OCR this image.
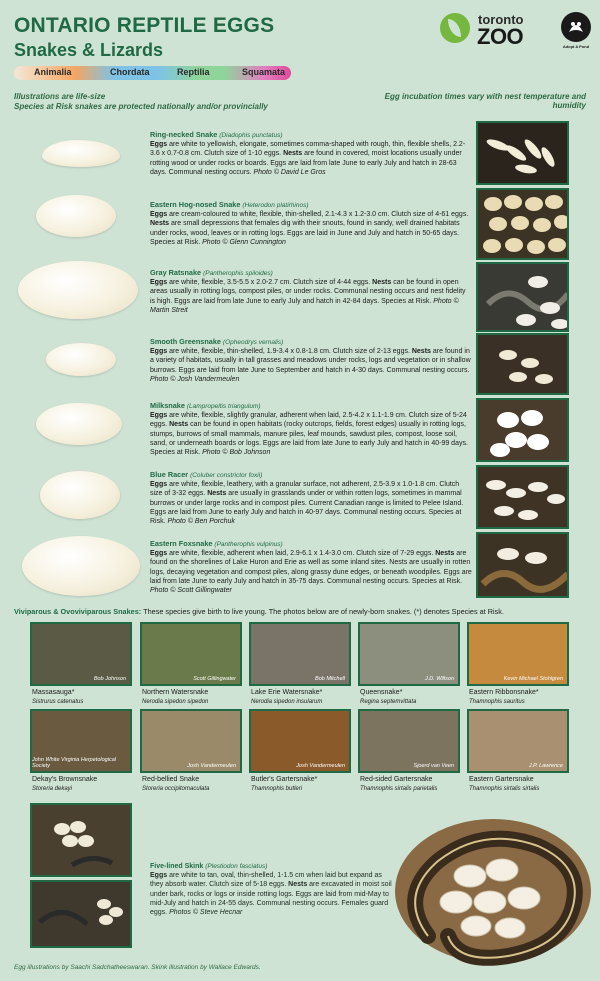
ONTARIO REPTILE EGGS
Snakes & Lizards
Animalia	Chordata	Reptilia	Squamata
Illustrations are life-size
Species at Risk snakes are protected nationally and/or provincially
Egg incubation times vary with nest temperature and humidity
toronto
ZOO	Adopt A Pond
Ring-necked Snake (Diadophis punctatus)
Eggs are white to yellowish, elongate, sometimes comma-shaped with rough, thin, flexible shells, 2.2-3.6 x 0.7-0.8 cm. Clutch size of 1-10 eggs. Nests are found in covered, moist locations usually under rotting wood or under rocks or boards. Eggs are laid from late June to early July and hatch in 28-63 days. Communal nesting occurs. Photo © David Le Gros
Eastern Hog-nosed Snake (Heterodon platirhinos)
Eggs are cream-coloured to white, flexible, thin-shelled, 2.1-4.3 x 1.2-3.0 cm. Clutch size of 4-61 eggs. Nests are small depressions that females dig with their snouts, found in sandy, well drained habitats under rocks, wood, leaves or in rotting logs. Eggs are laid in June and July and hatch in 50-65 days. Species at Risk. Photo © Glenn Cunnington
Gray Ratsnake (Pantherophis spiloides)
Eggs are white, flexible, 3.5-5.5 x 2.0-2.7 cm. Clutch size of 4-44 eggs. Nests can be found in open areas usually in rotting logs, compost piles, or under rocks. Communal nesting occurs and nest fidelity is high. Eggs are laid from late June to early July and hatch in 42-84 days. Species at Risk. Photo © Martin Streit
Smooth Greensnake (Opheodrys vernalis)
Eggs are white, flexible, thin-shelled, 1.9-3.4 x 0.8-1.8 cm. Clutch size of 2-13 eggs. Nests are found in a variety of habitats, usually in tall grasses and meadows under rocks, logs and vegetation or in shallow burrows. Eggs are laid from late June to September and hatch in 4-30 days. Communal nesting occurs. Photo © Josh Vandermeulen
Milksnake (Lampropeltis triangulum)
Eggs are white, flexible, slightly granular, adherent when laid, 2.5-4.2 x 1.1-1.9 cm. Clutch size of 5-24 eggs. Nests can be found in open habitats (rocky outcrops, fields, forest edges) usually in rotting logs, stumps, burrows of small mammals, manure piles, leaf mounds, sawdust piles, compost, loose soil, sand, or underneath boards or logs. Eggs are laid from late June to early July and hatch in 40-99 days. Species at Risk. Photo © Bob Johnson
Blue Racer (Coluber constrictor foxii)
Eggs are white, flexible, leathery, with a granular surface, not adherent, 2.5-3.9 x 1.0-1.8 cm. Clutch size of 3-32 eggs. Nests are usually in grasslands under or within rotten logs, sometimes in mammal burrows or under large rocks and in compost piles. Current Canadian range is limited to Pelee Island. Eggs are laid from June to early July and hatch in 40-97 days. Communal nesting occurs. Species at Risk. Photo © Ben Porchuk
Eastern Foxsnake (Pantherophis vulpinus)
Eggs are white, flexible, adherent when laid, 2.9-6.1 x 1.4-3.0 cm. Clutch size of 7-29 eggs. Nests are found on the shorelines of Lake Huron and Erie as well as some inland sites. Nests are usually in rotten logs, decaying vegetation and compost piles, along grassy dune edges, or beneath woodpiles. Eggs are laid from late June to early July and hatch in 35-75 days. Communal nesting occurs. Species at Risk. Photo © Scott Gillingwater
Viviparous & Ovoviviparous Snakes: These species give birth to live young. The photos below are of newly-born snakes. (*) denotes Species at Risk.
Bob Johnson	Scott Gillingwater	Bob Mitchell	J.D. Willson	Kevin Michael Stohlgren
Massasauga*
Sistrurus catenatus
Northern Watersnake
Nerodia sipedon sipedon
Lake Erie Watersnake*
Nerodia sipedon insularum
Queensnake*
Regina septemvittata
Eastern Ribbonsnake*
Thamnophis sauritus
John White Virginia Herpetological Society	Josh Vandermeulen	Josh Vandermeulen	Sjoerd van Veen	J.P. Lawrence
Dekay's Brownsnake
Storeria dekayi
Red-bellied Snake
Storeria occipitomaculata
Butler's Gartersnake*
Thamnophis butleri
Red-sided Gartersnake
Thamnophis sirtalis parietalis
Eastern Gartersnake
Thamnophis sirtalis sirtalis
Five-lined Skink (Plestiodon fasciatus)
Eggs are white to tan, oval, thin-shelled, 1-1.5 cm when laid but expand as they absorb water. Clutch size of 5-18 eggs. Nests are excavated in moist soil under bark, rocks or logs or inside rotting logs. Eggs are laid from mid-May to mid-July and hatch in 24-55 days. Communal nesting occurs. Females guard eggs. Photos © Steve Hecnar
Egg illustrations by Saachi Sadchatheeswaran. Skink illustration by Wallace Edwards.
